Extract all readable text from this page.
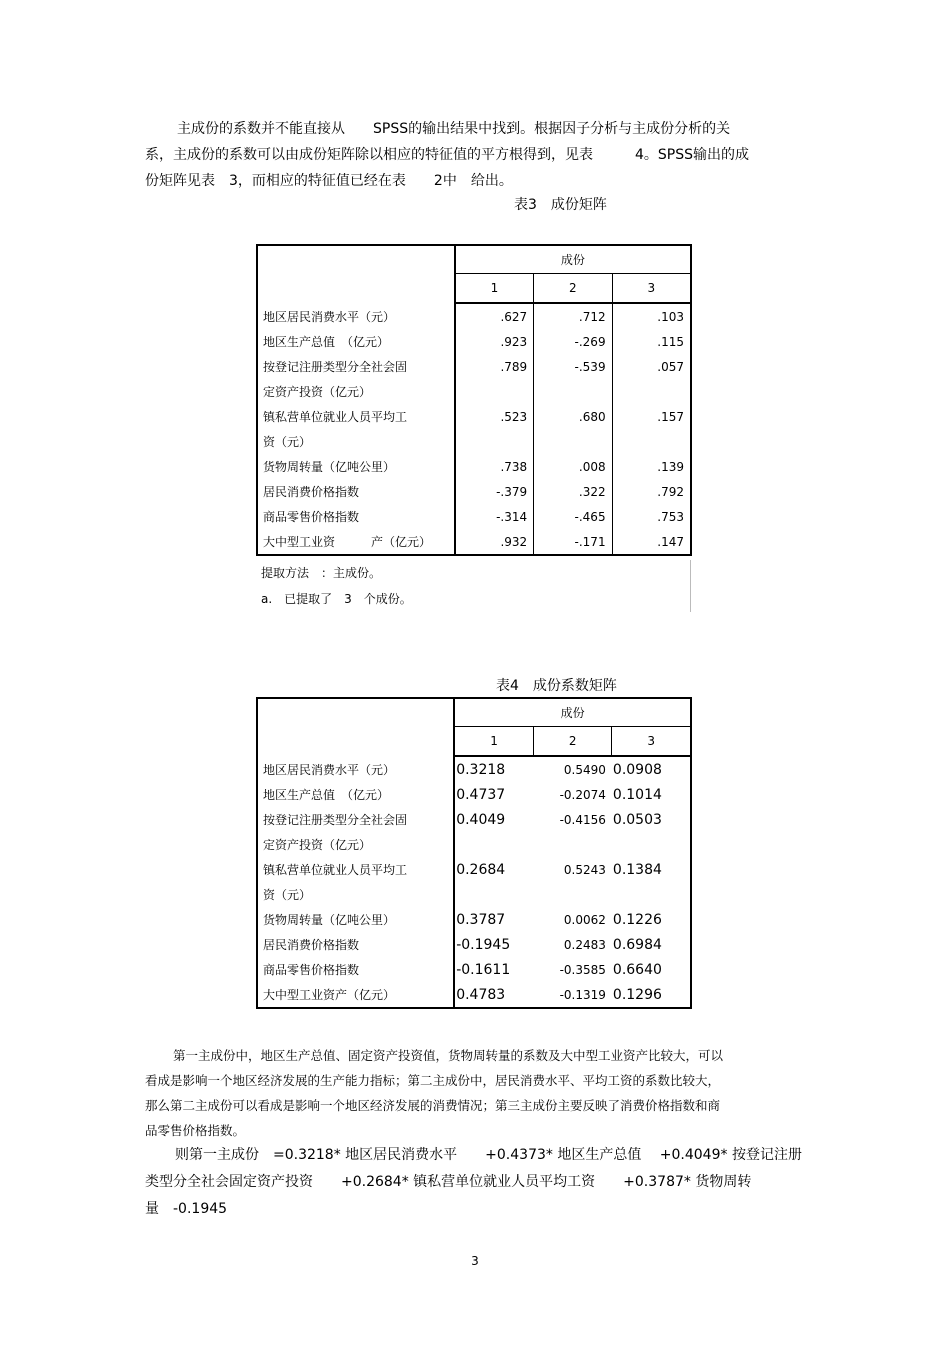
主成份的系数并不能直接从　　SPSS的输出结果中找到。根据因子分析与主成份分析的关

系，主成份的系数可以由成份矩阵除以相应的特征值的平方根得到，见表　　　4。SPSS输出的成

份矩阵见表　3，而相应的特征值已经在表　　2中　给出。

表3　成份矩阵
	成份		
	1	2	3
地区居民消费水平（元）	.627	.712	.103
地区生产总值　（亿元）	.923	-.269	.115
按登记注册类型分全社会固	.789	-.539	.057
定资产投资（亿元）			
镇私营单位就业人员平均工	.523	.680	.157
资（元）			
货物周转量（亿吨公里）	.738	.008	.139
居民消费价格指数	-.379	.322	.792
商品零售价格指数	-.314	-.465	.753
大中型工业资　　　产（亿元）	.932	-.171	.147
提取方法　：主成份。
a.　已提取了　3　个成份。
表4　成份系数矩阵
	成份		
	1	2	3
地区居民消费水平（元）	0.3218	0.5490	0.0908
地区生产总值　（亿元）	0.4737	-0.2074	0.1014
按登记注册类型分全社会固	0.4049	-0.4156	0.0503
定资产投资（亿元）			
镇私营单位就业人员平均工	0.2684	0.5243	0.1384
资（元）			
货物周转量（亿吨公里）	0.3787	0.0062	0.1226
居民消费价格指数	-0.1945	0.2483	0.6984
商品零售价格指数	-0.1611	-0.3585	0.6640
大中型工业资产（亿元）	0.4783	-0.1319	0.1296

第一主成份中，地区生产总值、固定资产投资值，货物周转量的系数及大中型工业资产比较大，可以

看成是影响一个地区经济发展的生产能力指标；第二主成份中，居民消费水平、平均工资的系数比较大，

那么第二主成份可以看成是影响一个地区经济发展的消费情况；第三主成份主要反映了消费价格指数和商

品零售价格指数。

则第一主成份　=0.3218* 地区居民消费水平　　+0.4373* 地区生产总值　 +0.4049* 按登记注册

类型分全社会固定资产投资　　+0.2684* 镇私营单位就业人员平均工资　　+0.3787* 货物周转量　-0.1945

3
